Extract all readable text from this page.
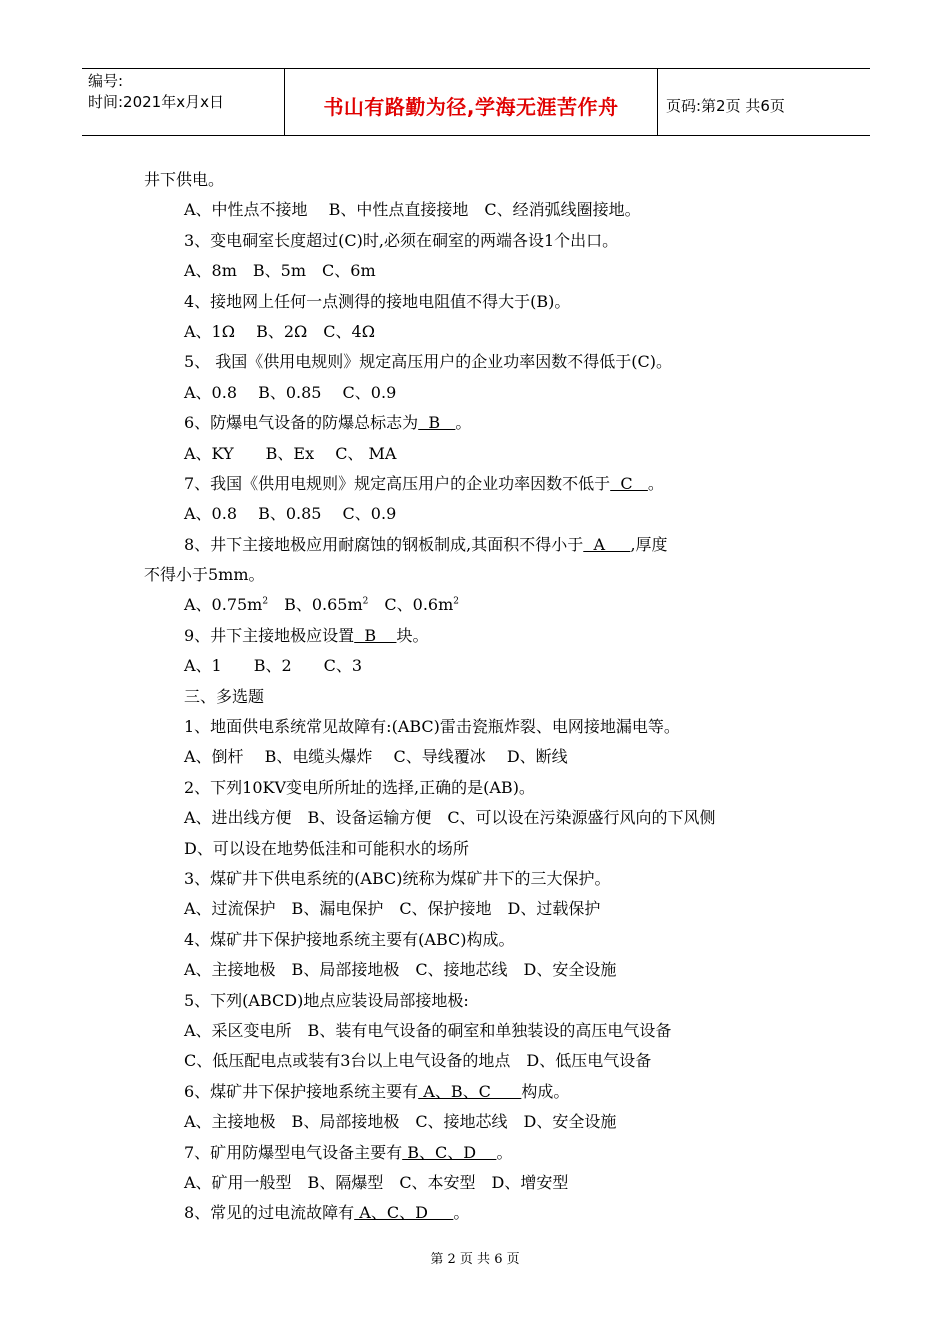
编号:
时间:2021年x月x日	书山有路勤为径,学海无涯苦作舟	页码:第2页 共6页
井下供电。
A、中性点不接地　 B、中性点直接接地　C、经消弧线圈接地。
3、变电硐室长度超过(C)时,必须在硐室的两端各设1个出口。
A、8m　B、5m　C、6m
4、接地网上任何一点测得的接地电阻值不得大于(B)。
A、1Ω　 B、2Ω　C、4Ω
5、 我国《供用电规则》规定高压用户的企业功率因数不得低于(C)。
A、0.8　 B、0.85　 C、0.9
6、防爆电气设备的防爆总标志为  B   。
A、KY　　B、Ex　 C、 MA
7、我国《供用电规则》规定高压用户的企业功率因数不低于  C   。
A、0.8　 B、0.85　 C、0.9
8、井下主接地极应用耐腐蚀的钢板制成,其面积不得小于  A     ,厚度
不得小于5mm。
A、$0.75m^2$　B、$0.65m^2$　C、$0.6m^2$
9、井下主接地极应设置  B    块。
A、1　　B、2　　C、3
三、多选题
1、地面供电系统常见故障有:(ABC)雷击瓷瓶炸裂、电网接地漏电等。
A、倒杆　 B、电缆头爆炸　 C、导线覆冰　 D、断线
2、下列10KV变电所所址的选择,正确的是(AB)。
A、进出线方便　B、设备运输方便　C、可以设在污染源盛行风向的下风侧
D、可以设在地势低洼和可能积水的场所
3、煤矿井下供电系统的(ABC)统称为煤矿井下的三大保护。
A、过流保护　B、漏电保护　C、保护接地　D、过载保护
4、煤矿井下保护接地系统主要有(ABC)构成。
A、主接地极　B、局部接地极　C、接地芯线　D、安全设施
5、下列(ABCD)地点应装设局部接地极:
A、采区变电所　B、装有电气设备的硐室和单独装设的高压电气设备
C、低压配电点或装有3台以上电气设备的地点　D、低压电气设备
6、煤矿井下保护接地系统主要有 A、B、C      构成。
A、主接地极　B、局部接地极　C、接地芯线　D、安全设施
7、矿用防爆型电气设备主要有 B、C、D    。
A、矿用一般型　B、隔爆型　C、本安型　D、增安型
8、常见的过电流故障有 A、C、D     。
第 2 页 共 6 页
